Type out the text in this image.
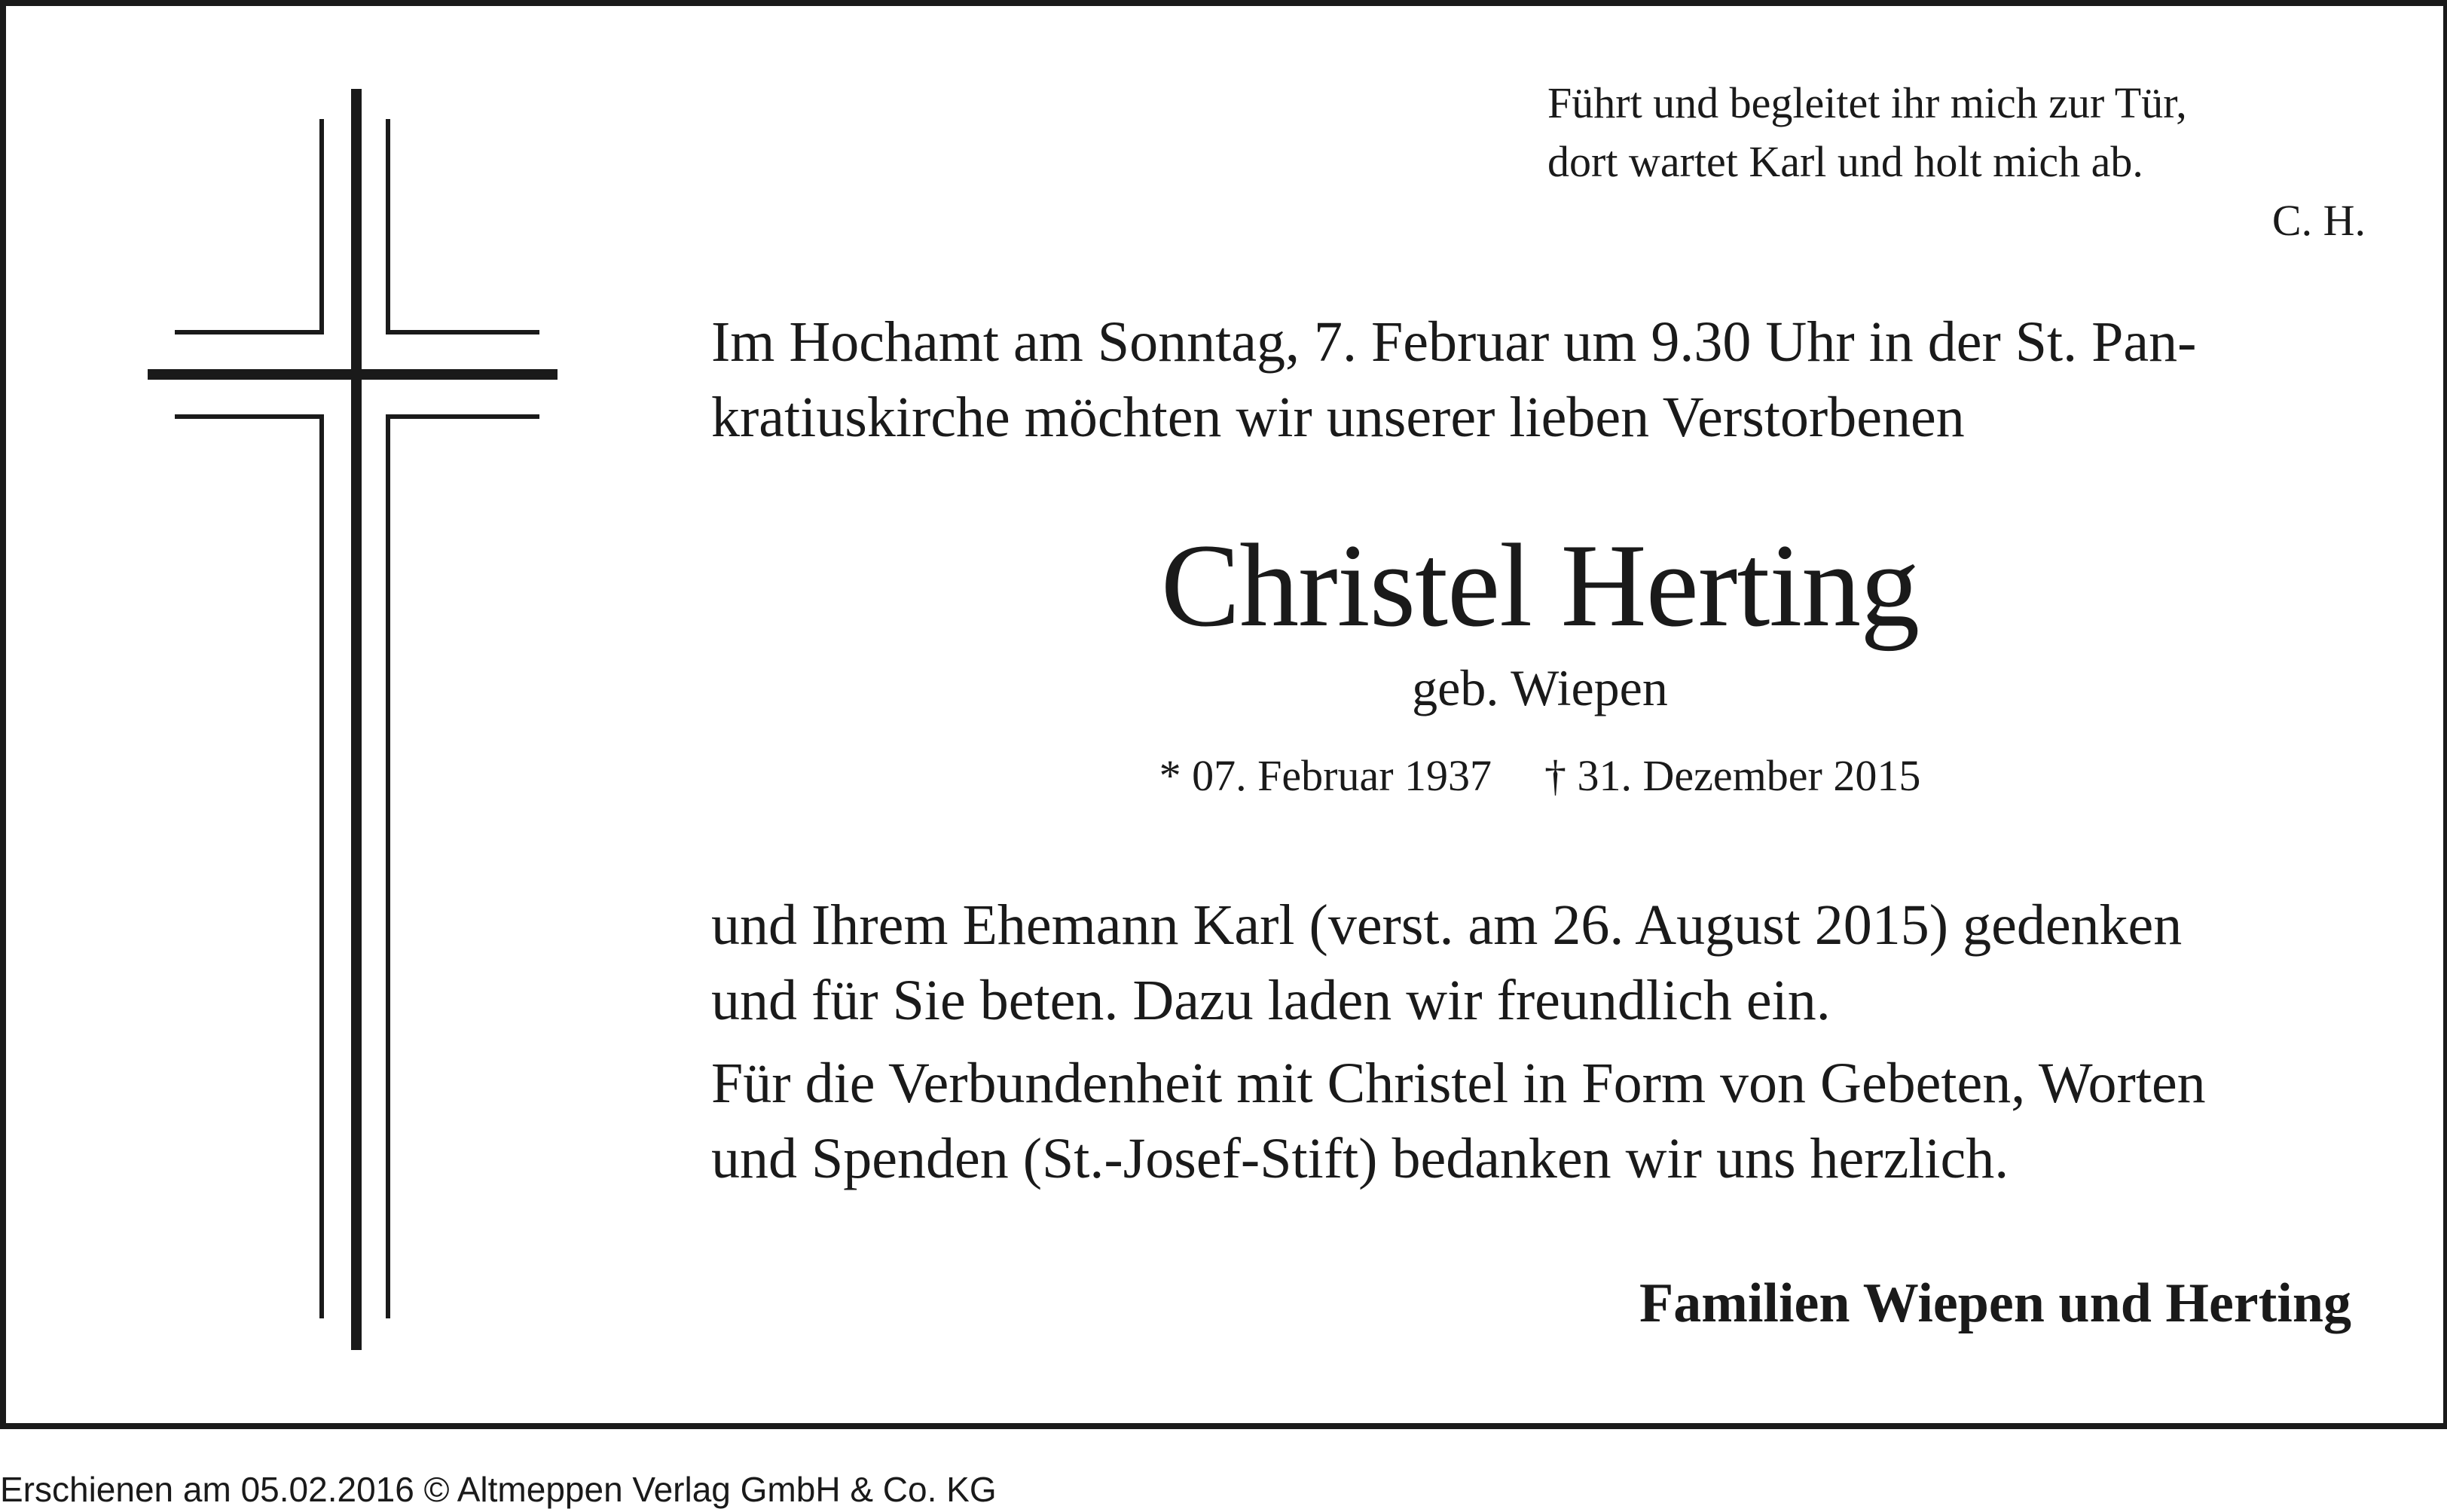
Führt und begleitet ihr mich zur Tür,
dort wartet Karl und holt mich ab.
C. H.
Im Hochamt am Sonntag, 7. Februar um 9.30 Uhr in der St. Pan-
kratiuskirche möchten wir unserer lieben Verstorbenen
Christel Herting
geb. Wiepen
* 07. Februar 1937 † 31. Dezember 2015

und Ihrem Ehemann Karl (verst. am 26. August 2015) gedenken
und für Sie beten. Dazu laden wir freundlich ein.

Für die Verbundenheit mit Christel in Form von Gebeten, Worten
und Spenden (St.-Josef-Stift) bedanken wir uns herzlich.

Familien Wiepen und Herting
Erschienen am 05.02.2016 © Altmeppen Verlag GmbH & Co. KG
